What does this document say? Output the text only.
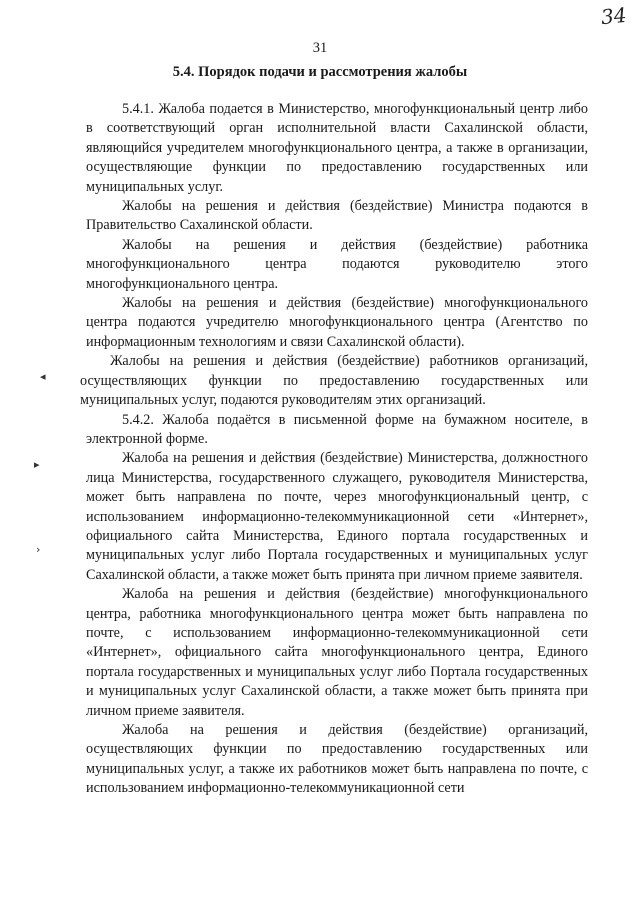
34
31
5.4. Порядок подачи и рассмотрения жалобы

5.4.1. Жалоба подается в Министерство, многофункциональный центр либо в соответствующий орган исполнительной власти Сахалинской области, являющийся учредителем многофункционального центра, а также в организации, осуществляющие функции по предоставлению государственных или муниципальных услуг.

Жалобы на решения и действия (бездействие) Министра подаются в Правительство Сахалинской области.

Жалобы на решения и действия (бездействие) работника многофункционального центра подаются руководителю этого многофункционального центра.

Жалобы на решения и действия (бездействие) многофункционального центра подаются учредителю многофункционального центра (Агентство по информационным технологиям и связи Сахалинской области).

Жалобы на решения и действия (бездействие) работников организаций, осуществляющих функции по предоставлению государственных или муниципальных услуг, подаются руководителям этих организаций.

5.4.2. Жалоба подаётся в письменной форме на бумажном носителе, в электронной форме.

Жалоба на решения и действия (бездействие) Министерства, должностного лица Министерства, государственного служащего, руководителя Министерства, может быть направлена по почте, через многофункциональный центр, с использованием информационно-телекоммуникационной сети «Интернет», официального сайта Министерства, Единого портала государственных и муниципальных услуг либо Портала государственных и муниципальных услуг Сахалинской области, а также может быть принята при личном приеме заявителя.

Жалоба на решения и действия (бездействие) многофункционального центра, работника многофункционального центра может быть направлена по почте, с использованием информационно-телекоммуникационной сети «Интернет», официального сайта многофункционального центра, Единого портала государственных и муниципальных услуг либо Портала государственных и муниципальных услуг Сахалинской области, а также может быть принята при личном приеме заявителя.

Жалоба на решения и действия (бездействие) организаций, осуществляющих функции по предоставлению государственных или муниципальных услуг, а также их работников может быть направлена по почте, с использованием информационно-телекоммуникационной сети

◂
▸
›
